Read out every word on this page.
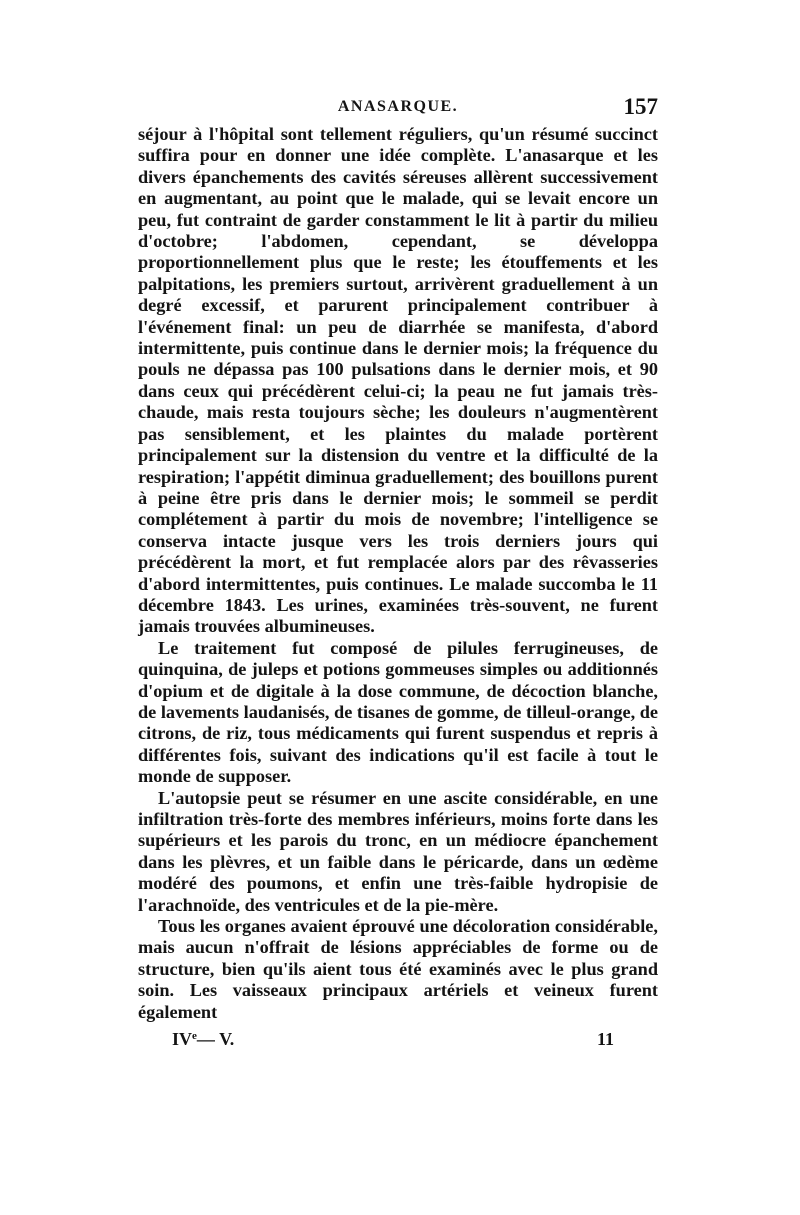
ANASARQUE.	157

séjour à l'hôpital sont tellement réguliers, qu'un résumé succinct suffira pour en donner une idée complète. L'anasarque et les divers épanchements des cavités séreuses allèrent successivement en augmentant, au point que le malade, qui se levait encore un peu, fut contraint de garder constamment le lit à partir du milieu d'octobre; l'abdomen, cependant, se développa proportionnellement plus que le reste; les étouffements et les palpitations, les premiers surtout, arrivèrent graduellement à un degré excessif, et parurent principalement contribuer à l'événement final: un peu de diarrhée se manifesta, d'abord intermittente, puis continue dans le dernier mois; la fréquence du pouls ne dépassa pas 100 pulsations dans le dernier mois, et 90 dans ceux qui précédèrent celui-ci; la peau ne fut jamais très-chaude, mais resta toujours sèche; les douleurs n'augmentèrent pas sensiblement, et les plaintes du malade portèrent principalement sur la distension du ventre et la difficulté de la respiration; l'appétit diminua graduellement; des bouillons purent à peine être pris dans le dernier mois; le sommeil se perdit complétement à partir du mois de novembre; l'intelligence se conserva intacte jusque vers les trois derniers jours qui précédèrent la mort, et fut remplacée alors par des rêvasseries d'abord intermittentes, puis continues. Le malade succomba le 11 décembre 1843. Les urines, examinées très-souvent, ne furent jamais trouvées albumineuses.

Le traitement fut composé de pilules ferrugineuses, de quinquina, de juleps et potions gommeuses simples ou additionnés d'opium et de digitale à la dose commune, de décoction blanche, de lavements laudanisés, de tisanes de gomme, de tilleul-orange, de citrons, de riz, tous médicaments qui furent suspendus et repris à différentes fois, suivant des indications qu'il est facile à tout le monde de supposer.

L'autopsie peut se résumer en une ascite considérable, en une infiltration très-forte des membres inférieurs, moins forte dans les supérieurs et les parois du tronc, en un médiocre épanchement dans les plèvres, et un faible dans le péricarde, dans un œdème modéré des poumons, et enfin une très-faible hydropisie de l'arachnoïde, des ventricules et de la pie-mère.

Tous les organes avaient éprouvé une décoloration considérable, mais aucun n'offrait de lésions appréciables de forme ou de structure, bien qu'ils aient tous été examinés avec le plus grand soin. Les vaisseaux principaux artériels et veineux furent également

IVe— V.	11
